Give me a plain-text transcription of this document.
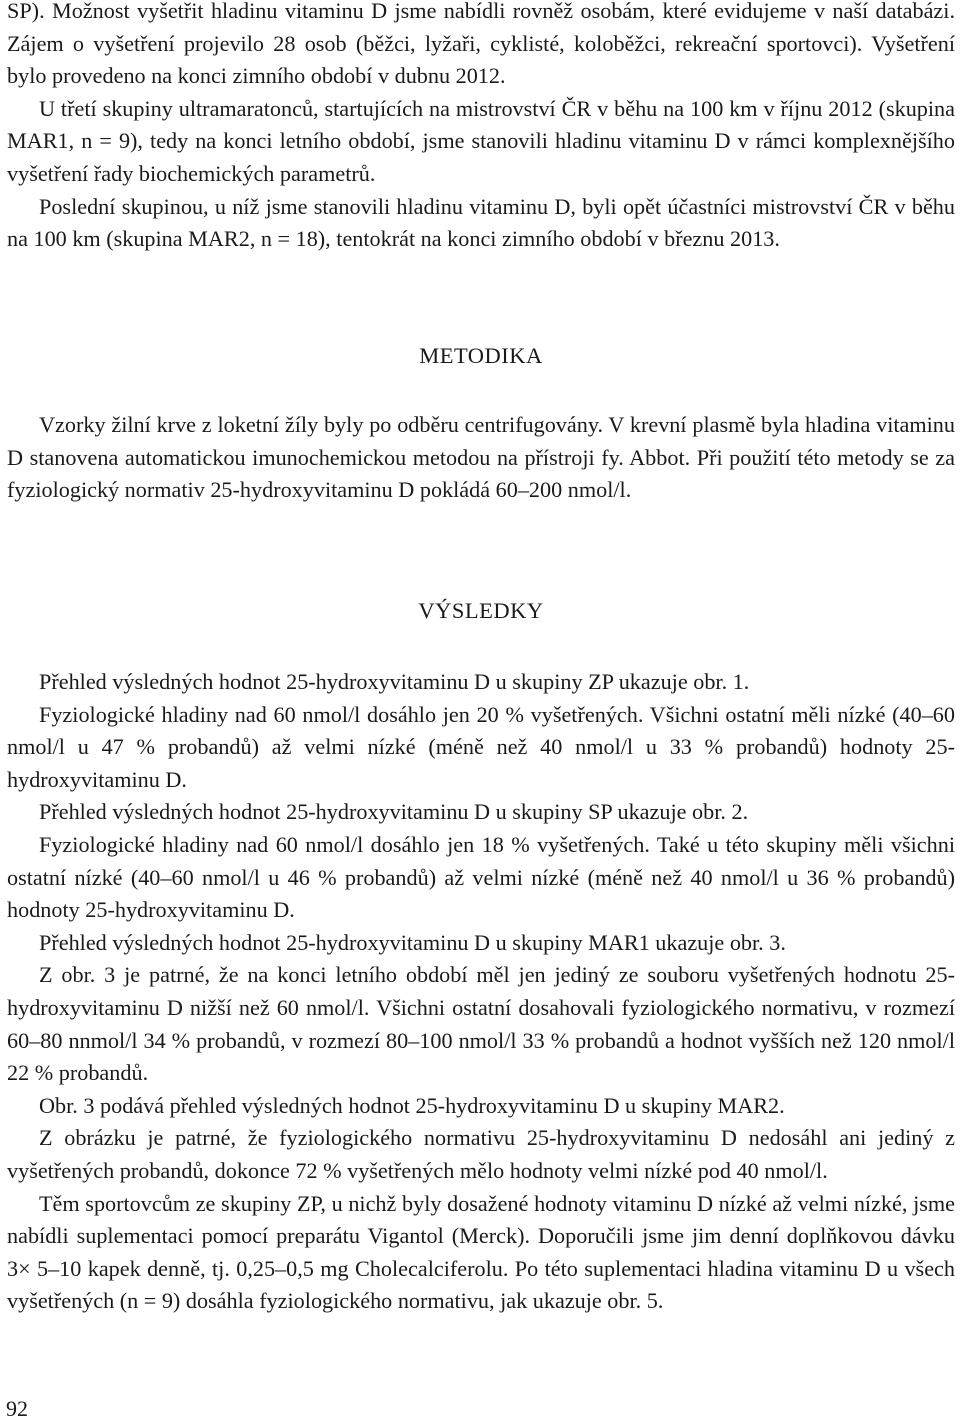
SP). Možnost vyšetřit hladinu vitaminu D jsme nabídli rovněž osobám, které evidujeme v naší databázi. Zájem o vyšetření projevilo 28 osob (běžci, lyžaři, cyklisté, koloběžci, rekreační sportovci). Vyšetření bylo provedeno na konci zimního období v dubnu 2012.

U třetí skupiny ultramaratonců, startujících na mistrovství ČR v běhu na 100 km v říjnu 2012 (skupina MAR1, n = 9), tedy na konci letního období, jsme stanovili hladinu vitaminu D v rámci komplexnějšího vyšetření řady biochemických parametrů.

Poslední skupinou, u níž jsme stanovili hladinu vitaminu D, byli opět účastníci mistrovství ČR v běhu na 100 km (skupina MAR2, n = 18), tentokrát na konci zimního období v březnu 2013.

METODIKA

Vzorky žilní krve z loketní žíly byly po odběru centrifugovány. V krevní plasmě byla hladina vitaminu D stanovena automatickou imunochemickou metodou na přístroji fy. Abbot. Při použití této metody se za fyziologický normativ 25-hydroxyvitaminu D pokládá 60–200 nmol/l.

VÝSLEDKY

Přehled výsledných hodnot 25-hydroxyvitaminu D u skupiny ZP ukazuje obr. 1.

Fyziologické hladiny nad 60 nmol/l dosáhlo jen 20 % vyšetřených. Všichni ostatní měli nízké (40–60 nmol/l u 47 % probandů) až velmi nízké (méně než 40 nmol/l u 33 % probandů) hodnoty 25-hydroxyvitaminu D.

Přehled výsledných hodnot 25-hydroxyvitaminu D u skupiny SP ukazuje obr. 2.

Fyziologické hladiny nad 60 nmol/l dosáhlo jen 18 % vyšetřených. Také u této skupiny měli všichni ostatní nízké (40–60 nmol/l u 46 % probandů) až velmi nízké (méně než 40 nmol/l u 36 % probandů) hodnoty 25-hydroxyvitaminu D.

Přehled výsledných hodnot 25-hydroxyvitaminu D u skupiny MAR1 ukazuje obr. 3.

Z obr. 3 je patrné, že na konci letního období měl jen jediný ze souboru vyšetřených hodnotu 25-hydroxyvitaminu D nižší než 60 nmol/l. Všichni ostatní dosahovali fyziologického normativu, v rozmezí 60–80 nnmol/l 34 % probandů, v rozmezí 80–100 nmol/l 33 % probandů a hodnot vyšších než 120 nmol/l 22 % probandů.

Obr. 3 podává přehled výsledných hodnot 25-hydroxyvitaminu D u skupiny MAR2.

Z obrázku je patrné, že fyziologického normativu 25-hydroxyvitaminu D nedosáhl ani jediný z vyšetřených probandů, dokonce 72 % vyšetřených mělo hodnoty velmi nízké pod 40 nmol/l.

Těm sportovcům ze skupiny ZP, u nichž byly dosažené hodnoty vitaminu D nízké až velmi nízké, jsme nabídli suplementaci pomocí preparátu Vigantol (Merck). Doporučili jsme jim denní doplňkovou dávku 3× 5–10 kapek denně, tj. 0,25–0,5 mg Cholecalciferolu. Po této suplementaci hladina vitaminu D u všech vyšetřených (n = 9) dosáhla fyziologického normativu, jak ukazuje obr. 5.

92
